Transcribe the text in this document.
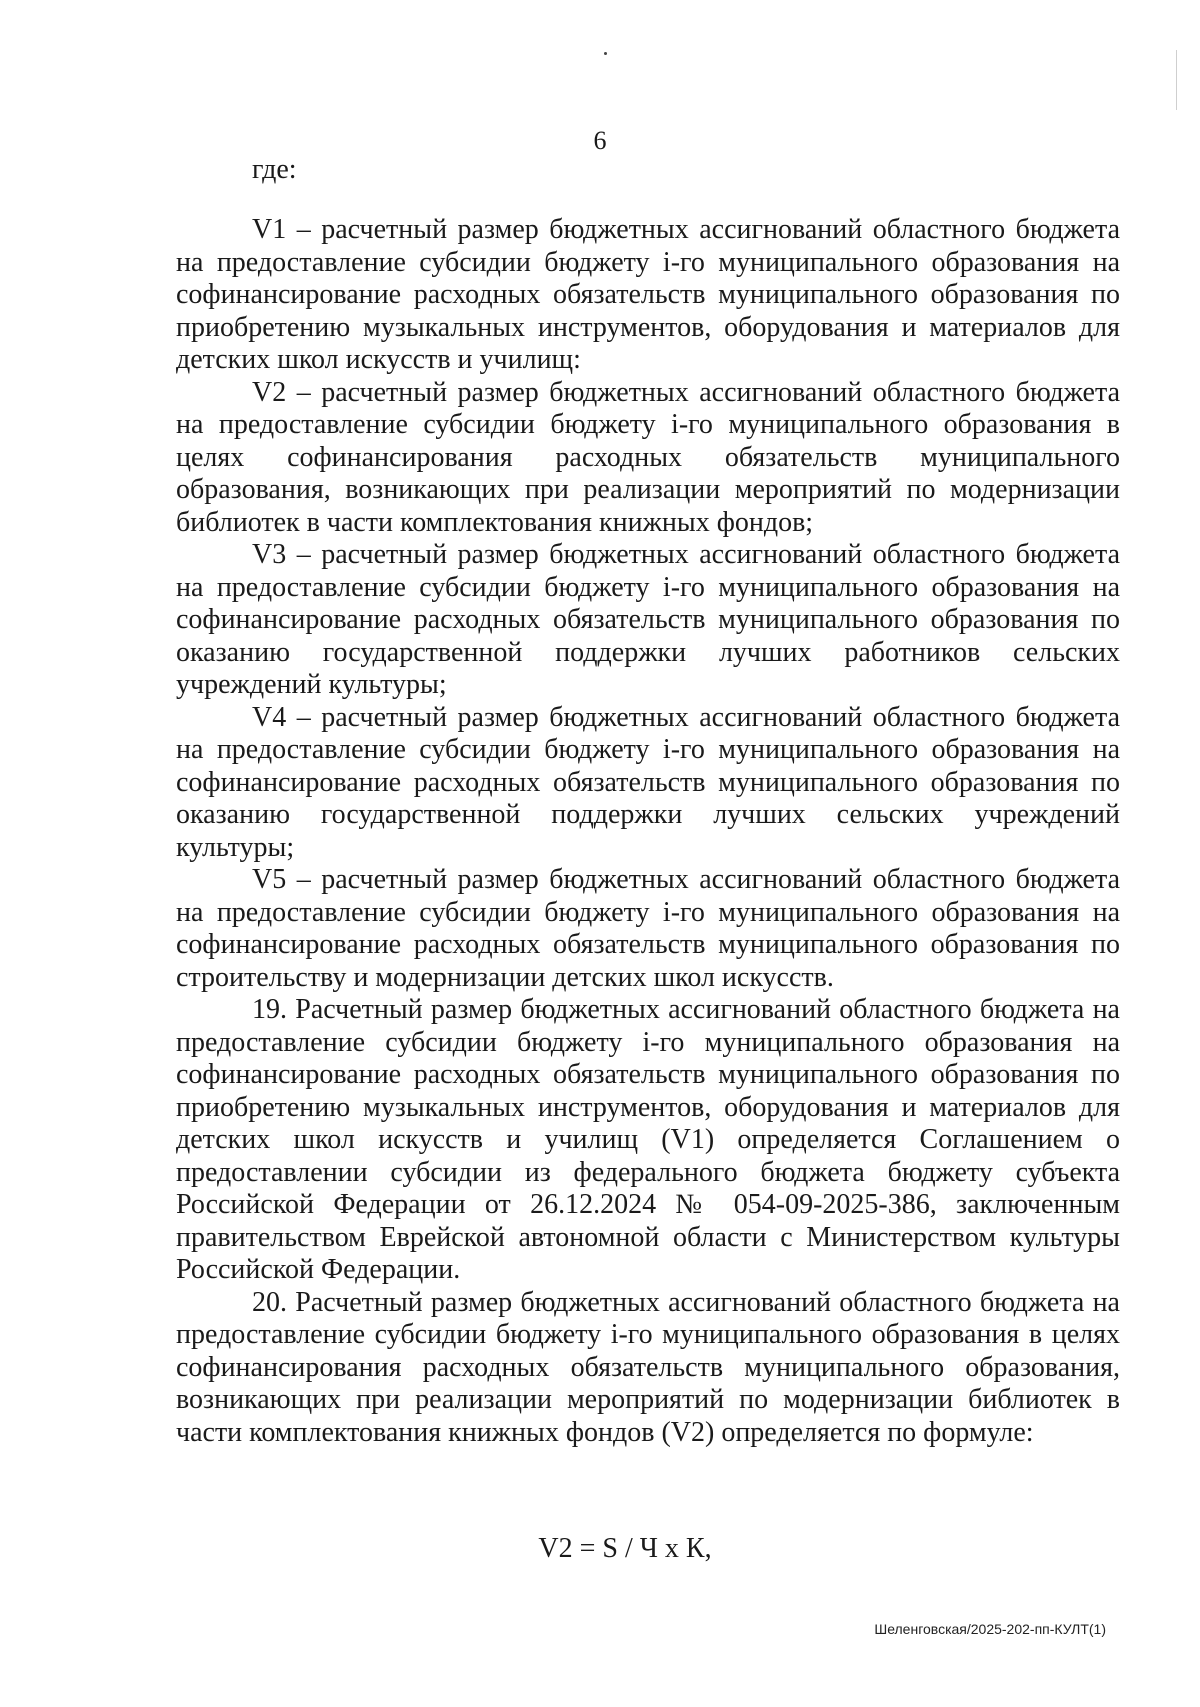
6
где:

V1 – расчетный размер бюджетных ассигнований областного бюджета на предоставление субсидии бюджету i-го муниципального образования на софинансирование расходных обязательств муниципального образования по приобретению музыкальных инструментов, оборудования и материалов для детских школ искусств и училищ:

V2 – расчетный размер бюджетных ассигнований областного бюджета на предоставление субсидии бюджету i-го муниципального образования в целях софинансирования расходных обязательств муниципального образования, возникающих при реализации мероприятий по модернизации библиотек в части комплектования книжных фондов;

V3 – расчетный размер бюджетных ассигнований областного бюджета на предоставление субсидии бюджету i-го муниципального образования на софинансирование расходных обязательств муниципального образования по оказанию государственной поддержки лучших работников сельских учреждений культуры;

V4 – расчетный размер бюджетных ассигнований областного бюджета на предоставление субсидии бюджету i-го муниципального образования на софинансирование расходных обязательств муниципального образования по оказанию государственной поддержки лучших сельских учреждений культуры;

V5 – расчетный размер бюджетных ассигнований областного бюджета на предоставление субсидии бюджету i-го муниципального образования на софинансирование расходных обязательств муниципального образования по строительству и модернизации детских школ искусств.

19. Расчетный размер бюджетных ассигнований областного бюджета на предоставление субсидии бюджету i-го муниципального образования на софинансирование расходных обязательств муниципального образования по приобретению музыкальных инструментов, оборудования и материалов для детских школ искусств и училищ (V1) определяется Соглашением о предоставлении субсидии из федерального бюджета бюджету субъекта Российской Федерации от 26.12.2024 № 054-09-2025-386, заключенным правительством Еврейской автономной области с Министерством культуры Российской Федерации.

20. Расчетный размер бюджетных ассигнований областного бюджета на предоставление субсидии бюджету i-го муниципального образования в целях софинансирования расходных обязательств муниципального образования, возникающих при реализации мероприятий по модернизации библиотек в части комплектования книжных фондов (V2) определяется по формуле:

V2 = S / Ч х К,
Шеленговская/2025-202-пп-КУЛТ(1)
